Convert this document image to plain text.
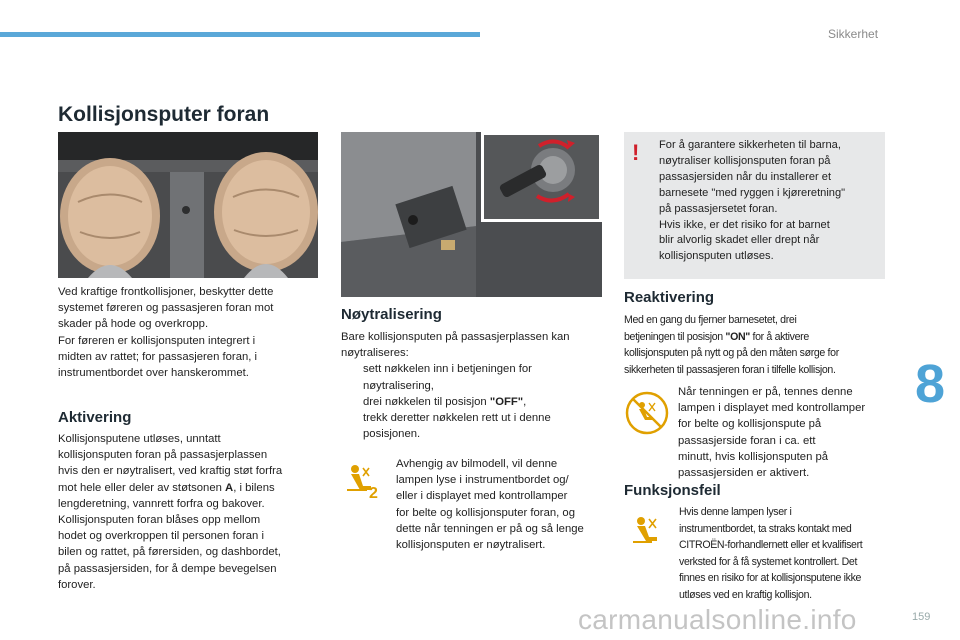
Sikkerhet
8
Kollisjonsputer foran
Ved kraftige frontkollisjoner, beskytter dette
systemet føreren og passasjeren foran mot
skader på hode og overkropp.
For føreren er kollisjonsputen integrert i
midten av rattet; for passasjeren foran, i
instrumentbordet over hanskerommet.
Aktivering
Kollisjonsputene utløses, unntatt
kollisjonsputen foran på passasjerplassen
hvis den er nøytralisert, ved kraftig støt forfra
mot hele eller deler av støtsonen A, i bilens
lengderetning, vannrett forfra og bakover.
Kollisjonsputen foran blåses opp mellom
hodet og overkroppen til personen foran i
bilen og rattet, på førersiden, og dashbordet,
på passasjersiden, for å dempe bevegelsen
forover.
Nøytralisering
Bare kollisjonsputen på passasjerplassen kan
nøytraliseres:
sett nøkkelen inn i betjeningen for
nøytralisering,
drei nøkkelen til posisjon "OFF",
trekk deretter nøkkelen rett ut i denne
posisjonen.
2
Avhengig av bilmodell, vil denne
lampen lyse i instrumentbordet og/
eller i displayet med kontrollamper
for belte og kollisjonsputer foran, og
dette når tenningen er på og så lenge
kollisjonsputen er nøytralisert.
! For å garantere sikkerheten til barna,
nøytraliser kollisjonsputen foran på
passasjersiden når du installerer et
barnesete "med ryggen i kjøreretning"
på passasjersetet foran.
Hvis ikke, er det risiko for at barnet
blir alvorlig skadet eller drept når
kollisjonsputen utløses.
Reaktivering
Med en gang du fjerner barnesetet, drei
betjeningen til posisjon "ON" for å aktivere
kollisjonsputen på nytt og på den måten sørge for
sikkerheten til passasjeren foran i tilfelle kollisjon.
Når tenningen er på, tennes denne
lampen i displayet med kontrollamper
for belte og kollisjonspute på
passasjerside foran i ca. ett
minutt, hvis kollisjonsputen på
passasjersiden er aktivert.
Funksjonsfeil
Hvis denne lampen lyser i
instrumentbordet, ta straks kontakt med
CITROËN-forhandlernett eller et kvalifisert
verksted for å få systemet kontrollert. Det
finnes en risiko for at kollisjonsputene ikke
utløses ved en kraftig kollisjon.
carmanualsonline.info	159
